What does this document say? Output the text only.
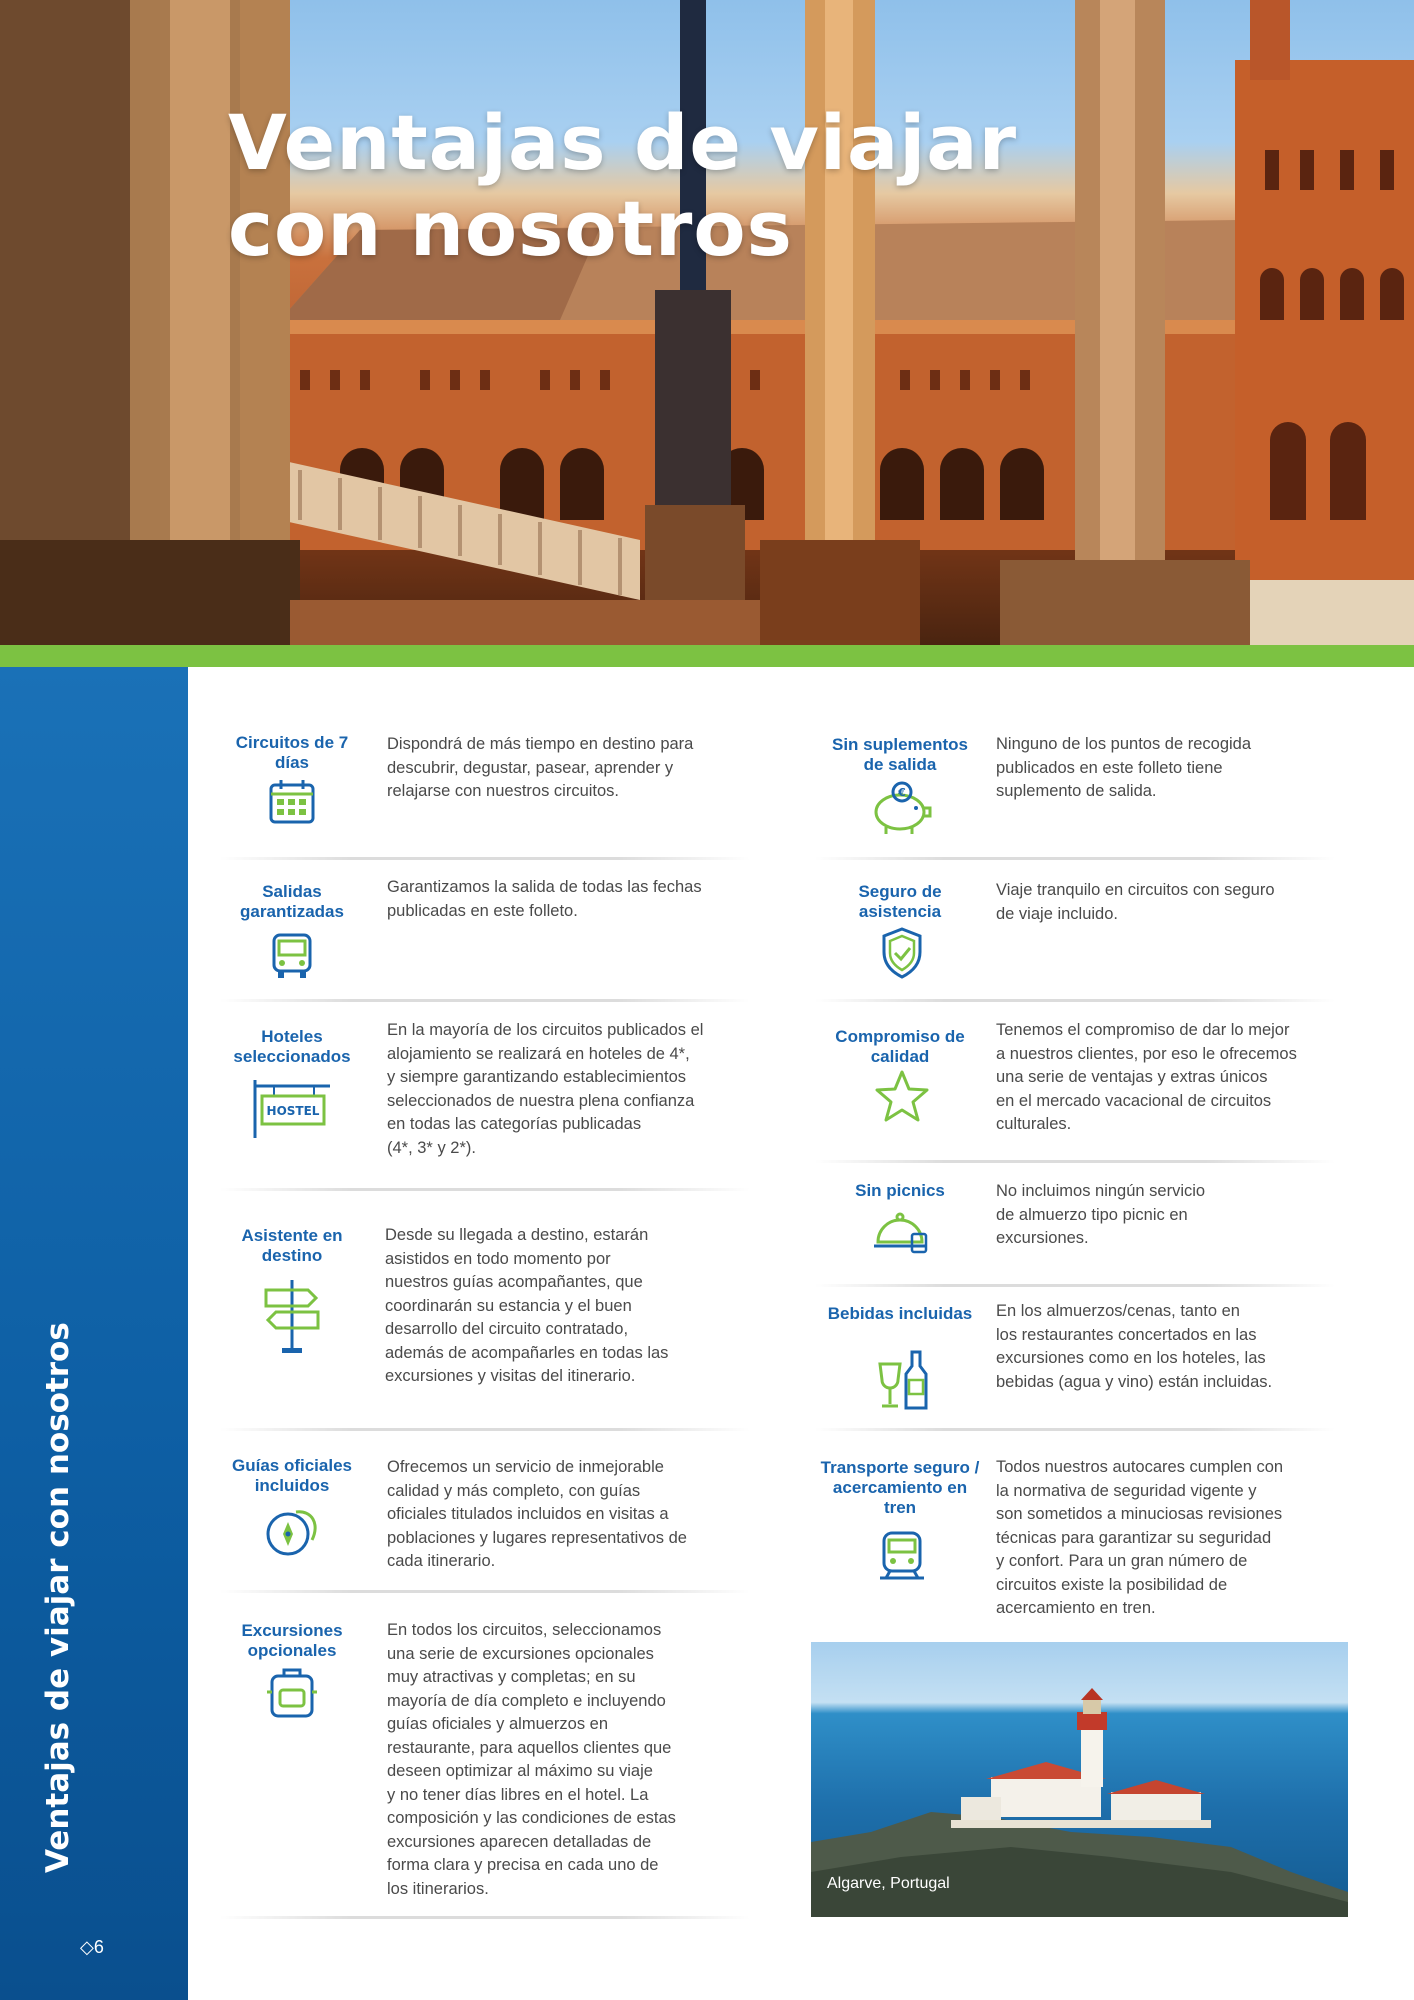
Ventajas de viajar
con nosotros
Ventajas de viajar con nosotros
◇6
Circuitos de 7 días
Dispondrá de más tiempo en destino para
descubrir, degustar, pasear, aprender y
relajarse con nuestros circuitos.
Salidas garantizadas
Garantizamos la salida de todas las fechas
publicadas en este folleto.
Hoteles seleccionados
HOSTEL
En la mayoría de los circuitos publicados el
alojamiento se realizará en hoteles de 4*,
y siempre garantizando establecimientos
seleccionados de nuestra plena confianza
en todas las categorías publicadas
(4*, 3* y 2*).
Asistente en destino
Desde su llegada a destino, estarán
asistidos en todo momento por
nuestros guías acompañantes, que
coordinarán su estancia y el buen
desarrollo del circuito contratado,
además de acompañarles en todas las
excursiones y visitas del itinerario.
Guías oficiales incluidos
Ofrecemos un servicio de inmejorable
calidad y más completo, con guías
oficiales titulados incluidos en visitas a
poblaciones y lugares representativos de
cada itinerario.
Excursiones opcionales
En todos los circuitos, seleccionamos
una serie de excursiones opcionales
muy atractivas y completas; en su
mayoría de día completo e incluyendo
guías oficiales y almuerzos en
restaurante, para aquellos clientes que
deseen optimizar al máximo su viaje
y no tener días libres en el hotel. La
composición y las condiciones de estas
excursiones aparecen detalladas de
forma clara y precisa en cada uno de
los itinerarios.
Sin suplementos de salida
€
Ninguno de los puntos de recogida
publicados en este folleto tiene
suplemento de salida.
Seguro de asistencia
Viaje tranquilo en circuitos con seguro
de viaje incluido.
Compromiso de calidad
Tenemos el compromiso de dar lo mejor
a nuestros clientes, por eso le ofrecemos
una serie de ventajas y extras únicos
en el mercado vacacional de circuitos
culturales.
Sin picnics	No incluimos ningún servicio
de almuerzo tipo picnic en
excursiones.
Bebidas incluidas En los almuerzos/cenas, tanto en
los restaurantes concertados en las
excursiones como en los hoteles, las
bebidas (agua y vino) están incluidas.
Transporte seguro / acercamiento en tren
Todos nuestros autocares cumplen con
la normativa de seguridad vigente y
son sometidos a minuciosas revisiones
técnicas para garantizar su seguridad
y confort. Para un gran número de
circuitos existe la posibilidad de
acercamiento en tren.
Algarve, Portugal
